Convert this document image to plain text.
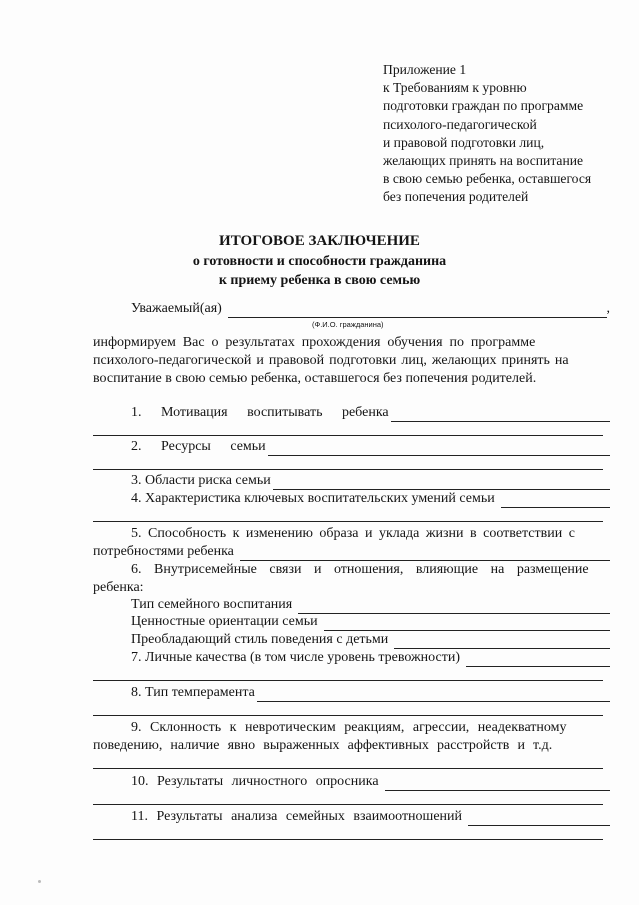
Приложение 1
к Требованиям к уровню
подготовки граждан по программе
психолого-педагогической
и правовой подготовки лиц,
желающих принять на воспитание
в свою семью ребенка, оставшегося
без попечения родителей
ИТОГОВОЕ ЗАКЛЮЧЕНИЕ
о готовности и способности гражданина
к приему ребенка в свою семью
Уважаемый(ая)	,
(Ф.И.О. гражданина)
информируем Вас о результатах прохождения обучения по программе
психолого-педагогической и правовой подготовки лиц, желающих принять на
воспитание в свою семью ребенка, оставшегося без попечения родителей.
1. Мотивация воспитывать ребенка
2. Ресурсы семьи
3. Области риска семьи
4. Характеристика ключевых воспитательских умений семьи
5. Способность к изменению образа и уклада жизни в соответствии с
потребностями ребенка
6. Внутрисемейные связи и отношения, влияющие на размещение
ребенка:
Тип семейного воспитания
Ценностные ориентации семьи
Преобладающий стиль поведения с детьми
7. Личные качества (в том числе уровень тревожности)
8. Тип темперамента
9. Склонность к невротическим реакциям, агрессии, неадекватному
поведению, наличие явно выраженных аффективных расстройств и т.д.
10. Результаты личностного опросника
11. Результаты анализа семейных взаимоотношений
